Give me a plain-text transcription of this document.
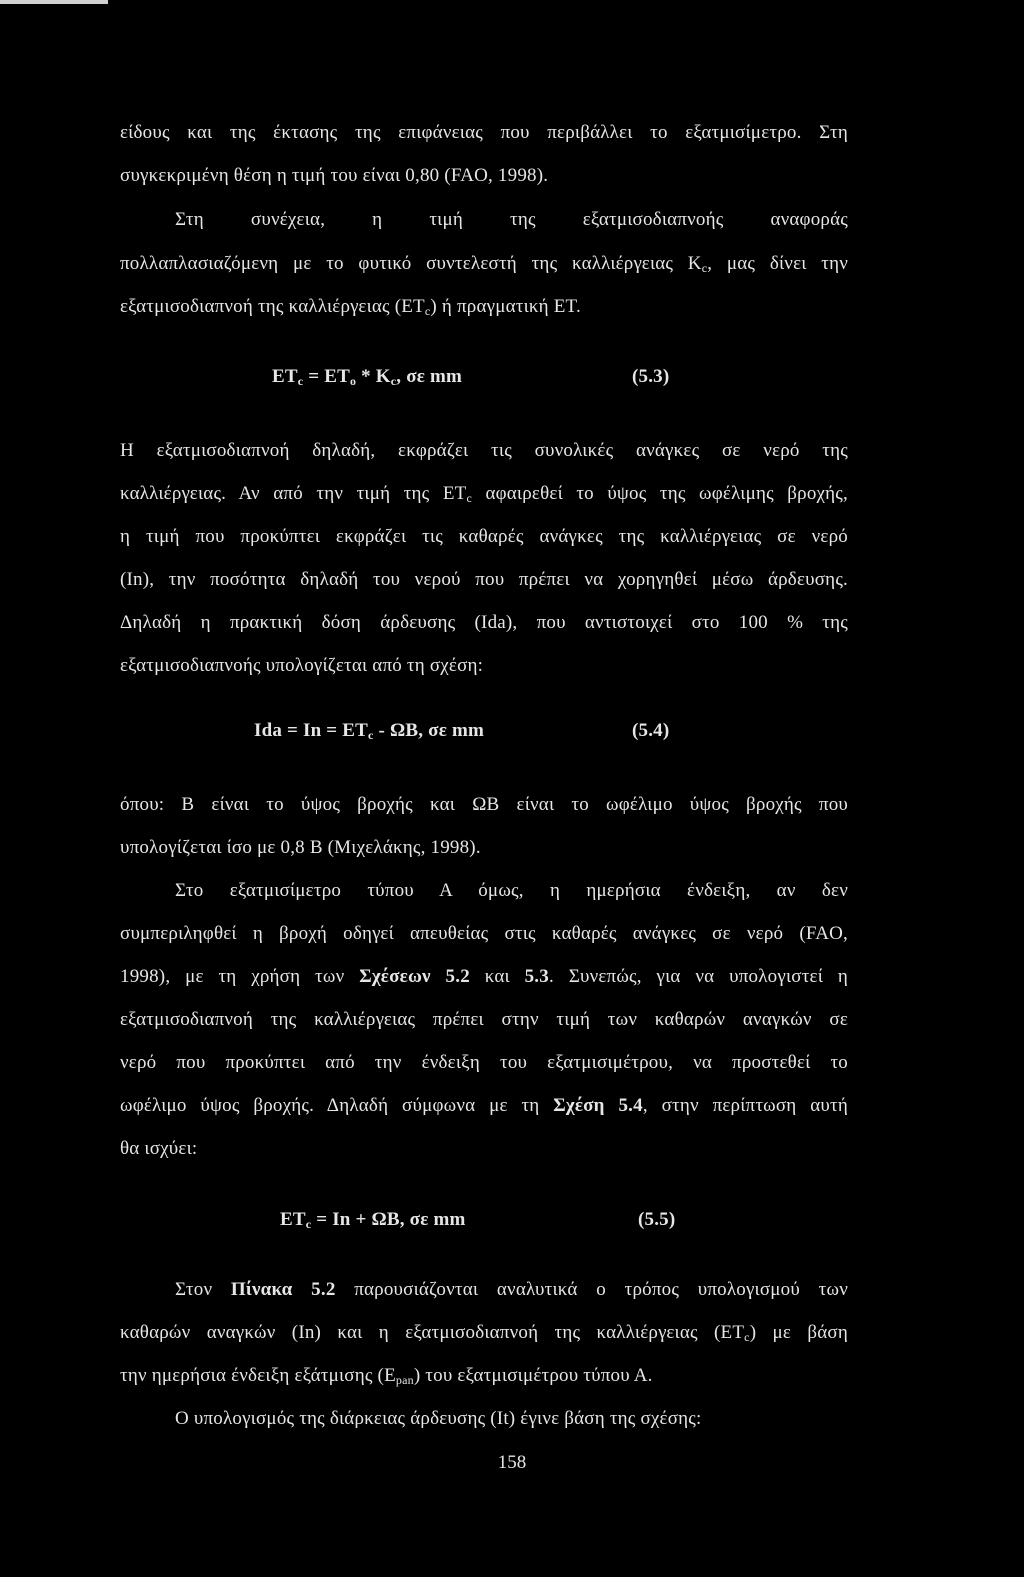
είδους και της έκτασης της επιφάνειας που περιβάλλει το εξατμισίμετρο. Στη
συγκεκριμένη θέση η τιμή του είναι 0,80 (FAO, 1998).
Στη συνέχεια, η τιμή της εξατμισοδιαπνοής αναφοράς
πολλαπλασιαζόμενη με το φυτικό συντελεστή της καλλιέργειας $K_c$, μας δίνει την
εξατμισοδιαπνοή της καλλιέργειας $(ET_c)$ ή πραγματική ET.
$ET_c = ET_o * K_c$, σε mm	(5.3)
Η εξατμισοδιαπνοή δηλαδή, εκφράζει τις συνολικές ανάγκες σε νερό της
καλλιέργειας. Αν από την τιμή της $ET_c$ αφαιρεθεί το ύψος της ωφέλιμης βροχής,
η τιμή που προκύπτει εκφράζει τις καθαρές ανάγκες της καλλιέργειας σε νερό
(In), την ποσότητα δηλαδή του νερού που πρέπει να χορηγηθεί μέσω άρδευσης.
Δηλαδή η πρακτική δόση άρδευσης (Ida), που αντιστοιχεί στο 100 % της
εξατμισοδιαπνοής υπολογίζεται από τη σχέση:
Ida = $In = ET_c - \Omega B$, σε mm	(5.4)
όπου: Β είναι το ύψος βροχής και ΩΒ είναι το ωφέλιμο ύψος βροχής που
υπολογίζεται ίσο με 0,8 Β (Μιχελάκης, 1998).
Στο εξατμισίμετρο τύπου Α όμως, η ημερήσια ένδειξη, αν δεν
συμπεριληφθεί η βροχή οδηγεί απευθείας στις καθαρές ανάγκες σε νερό (FAO,
1998), με τη χρήση των Σχέσεων 5.2 και 5.3. Συνεπώς, για να υπολογιστεί η
εξατμισοδιαπνοή της καλλιέργειας πρέπει στην τιμή των καθαρών αναγκών σε
νερό που προκύπτει από την ένδειξη του εξατμισιμέτρου, να προστεθεί το
ωφέλιμο ύψος βροχής. Δηλαδή σύμφωνα με τη Σχέση 5.4, στην περίπτωση αυτή
θα ισχύει:
$ET_c = In + \Omega B$, σε mm	(5.5)
Στον Πίνακα 5.2 παρουσιάζονται αναλυτικά ο τρόπος υπολογισμού των
καθαρών αναγκών (In) και η εξατμισοδιαπνοή της καλλιέργειας $(ET_c)$ με βάση
την ημερήσια ένδειξη εξάτμισης $(E_{pan})$ του εξατμισιμέτρου τύπου Α.
Ο υπολογισμός της διάρκειας άρδευσης (It) έγινε βάση της σχέσης:
158
